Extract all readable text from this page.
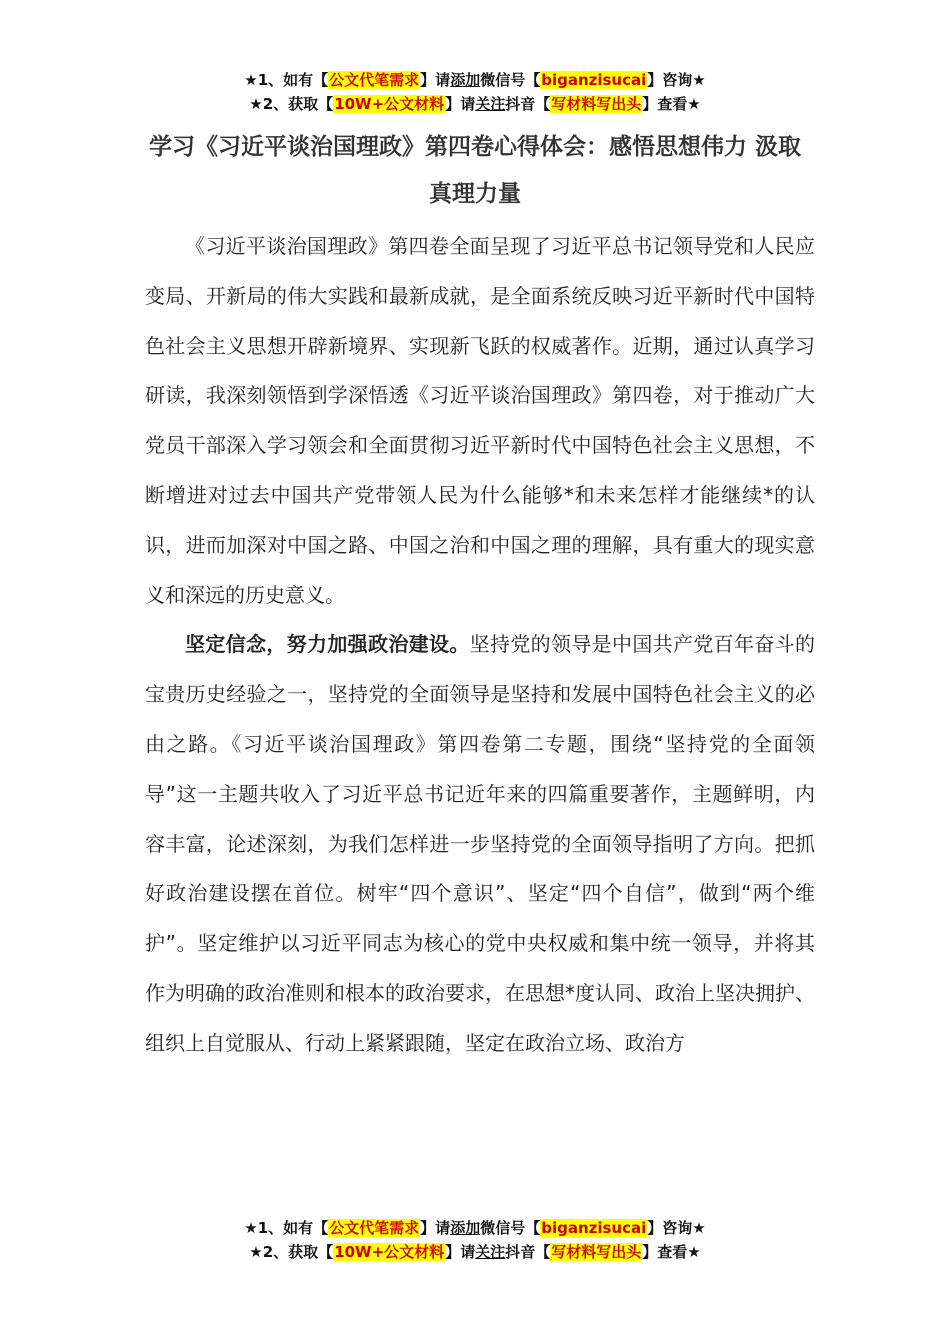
★1、如有【公文代笔需求】请添加微信号【biganzisucai】咨询★
★2、获取【10W+公文材料】请关注抖音【写材料写出头】查看★
学习《习近平谈治国理政》第四卷心得体会：感悟思想伟力 汲取真理力量

《习近平谈治国理政》第四卷全面呈现了习近平总书记领导党和人民应变局、开新局的伟大实践和最新成就，是全面系统反映习近平新时代中国特色社会主义思想开辟新境界、实现新飞跃的权威著作。近期，通过认真学习研读，我深刻领悟到学深悟透《习近平谈治国理政》第四卷，对于推动广大党员干部深入学习领会和全面贯彻习近平新时代中国特色社会主义思想，不断增进对过去中国共产党带领人民为什么能够*和未来怎样才能继续*的认识，进而加深对中国之路、中国之治和中国之理的理解，具有重大的现实意义和深远的历史意义。

坚定信念，努力加强政治建设。坚持党的领导是中国共产党百年奋斗的宝贵历史经验之一，坚持党的全面领导是坚持和发展中国特色社会主义的必由之路。《习近平谈治国理政》第四卷第二专题，围绕“坚持党的全面领导”这一主题共收入了习近平总书记近年来的四篇重要著作，主题鲜明，内容丰富，论述深刻，为我们怎样进一步坚持党的全面领导指明了方向。把抓好政治建设摆在首位。树牢“四个意识”、坚定“四个自信”，做到“两个维护”。坚定维护以习近平同志为核心的党中央权威和集中统一领导，并将其作为明确的政治准则和根本的政治要求，在思想*度认同、政治上坚决拥护、组织上自觉服从、行动上紧紧跟随，坚定在政治立场、政治方

★1、如有【公文代笔需求】请添加微信号【biganzisucai】咨询★
★2、获取【10W+公文材料】请关注抖音【写材料写出头】查看★
